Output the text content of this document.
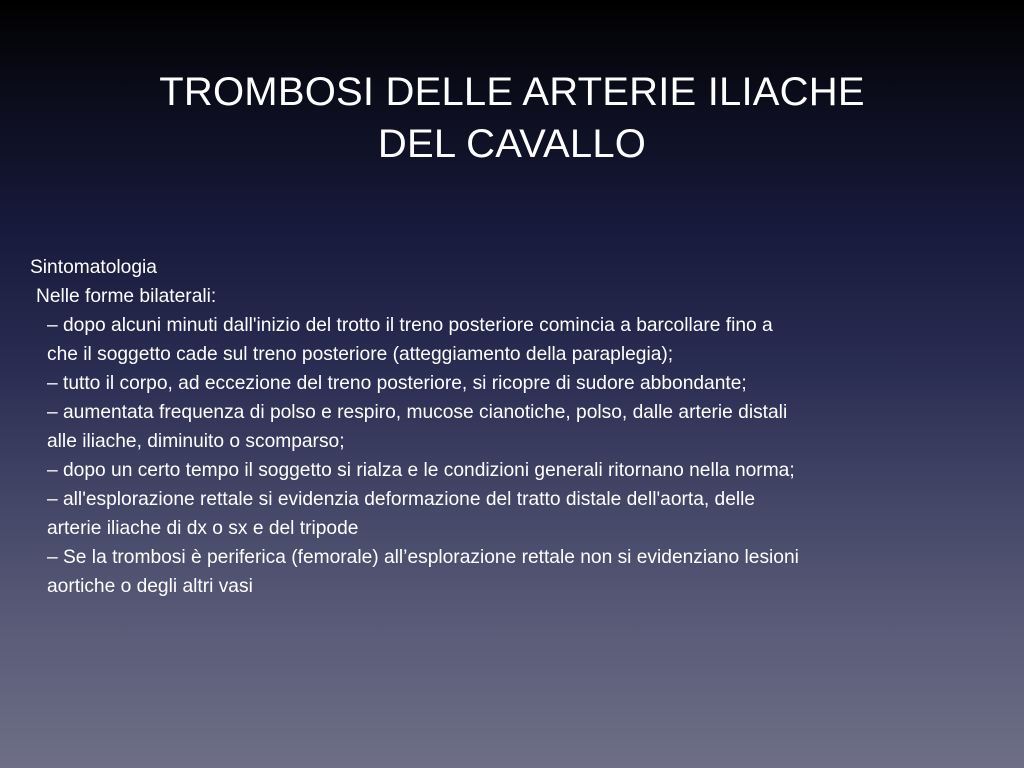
TROMBOSI DELLE ARTERIE ILIACHE
DEL CAVALLO
Sintomatologia
Nelle forme bilaterali:
– dopo alcuni minuti dall'inizio del trotto il treno posteriore comincia a barcollare fino a
che il soggetto cade sul treno posteriore (atteggiamento della paraplegia);
– tutto il corpo, ad eccezione del treno posteriore, si ricopre di sudore abbondante;
– aumentata frequenza di polso e respiro, mucose cianotiche, polso, dalle arterie distali
alle iliache, diminuito o scomparso;
– dopo un certo tempo il soggetto si rialza e le condizioni generali ritornano nella norma;
– all'esplorazione rettale si evidenzia deformazione del tratto distale dell'aorta, delle
arterie iliache di dx o sx e del tripode
– Se la trombosi è periferica (femorale) all’esplorazione rettale non si evidenziano lesioni
aortiche o degli altri vasi
